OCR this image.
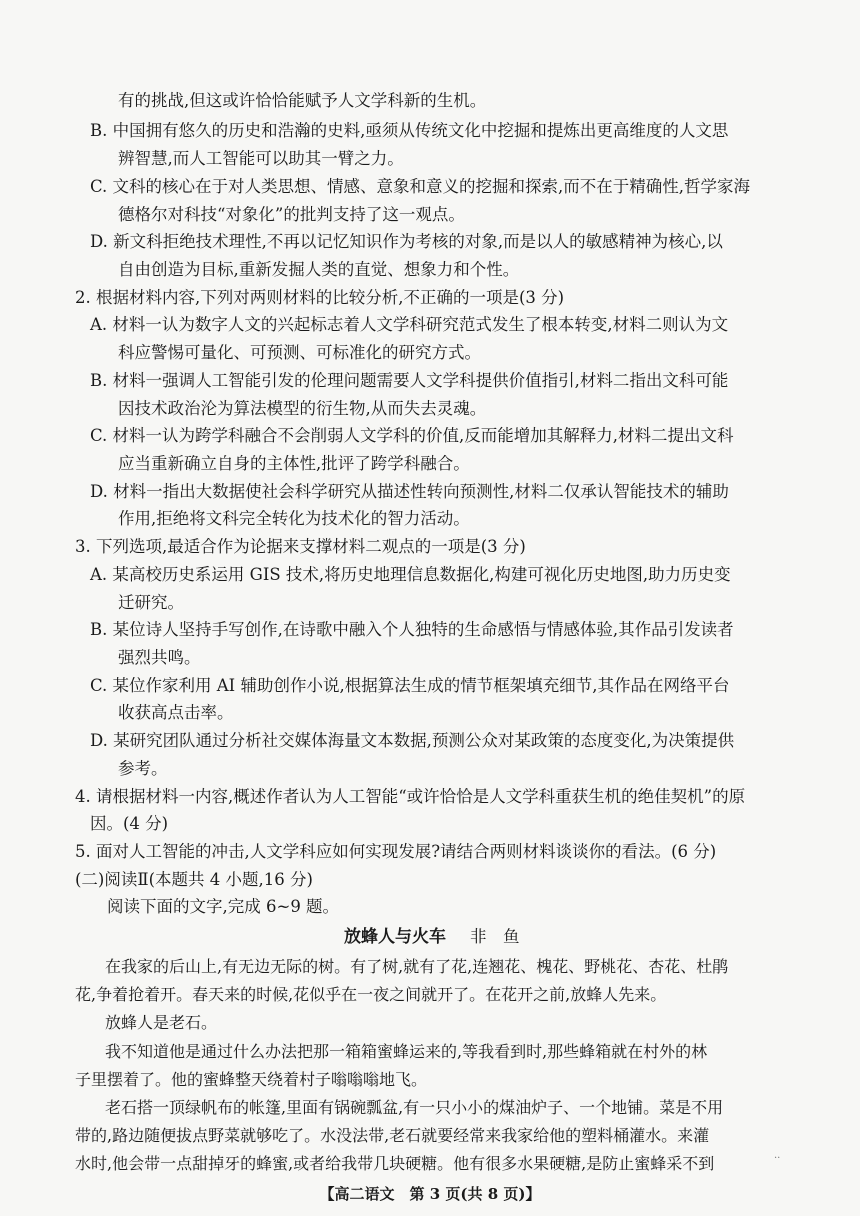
有的挑战,但这或许恰恰能赋予人文学科新的生机。
B. 中国拥有悠久的历史和浩瀚的史料,亟须从传统文化中挖掘和提炼出更高维度的人文思
辨智慧,而人工智能可以助其一臂之力。
C. 文科的核心在于对人类思想、情感、意象和意义的挖掘和探索,而不在于精确性,哲学家海
德格尔对科技“对象化”的批判支持了这一观点。
D. 新文科拒绝技术理性,不再以记忆知识作为考核的对象,而是以人的敏感精神为核心,以
自由创造为目标,重新发掘人类的直觉、想象力和个性。
2. 根据材料内容,下列对两则材料的比较分析,不正确的一项是(3 分)
A. 材料一认为数字人文的兴起标志着人文学科研究范式发生了根本转变,材料二则认为文
科应警惕可量化、可预测、可标准化的研究方式。
B. 材料一强调人工智能引发的伦理问题需要人文学科提供价值指引,材料二指出文科可能
因技术政治沦为算法模型的衍生物,从而失去灵魂。
C. 材料一认为跨学科融合不会削弱人文学科的价值,反而能增加其解释力,材料二提出文科
应当重新确立自身的主体性,批评了跨学科融合。
D. 材料一指出大数据使社会科学研究从描述性转向预测性,材料二仅承认智能技术的辅助
作用,拒绝将文科完全转化为技术化的智力活动。
3. 下列选项,最适合作为论据来支撑材料二观点的一项是(3 分)
A. 某高校历史系运用 GIS 技术,将历史地理信息数据化,构建可视化历史地图,助力历史变
迁研究。
B. 某位诗人坚持手写创作,在诗歌中融入个人独特的生命感悟与情感体验,其作品引发读者
强烈共鸣。
C. 某位作家利用 AI 辅助创作小说,根据算法生成的情节框架填充细节,其作品在网络平台
收获高点击率。
D. 某研究团队通过分析社交媒体海量文本数据,预测公众对某政策的态度变化,为决策提供
参考。
4. 请根据材料一内容,概述作者认为人工智能“或许恰恰是人文学科重获生机的绝佳契机”的原
因。(4 分)
5. 面对人工智能的冲击,人文学科应如何实现发展?请结合两则材料谈谈你的看法。(6 分)
(二)阅读Ⅱ(本题共 4 小题,16 分)
阅读下面的文字,完成 6~9 题。
放蜂人与火车 非　鱼
在我家的后山上,有无边无际的树。有了树,就有了花,连翘花、槐花、野桃花、杏花、杜鹃
花,争着抢着开。春天来的时候,花似乎在一夜之间就开了。在花开之前,放蜂人先来。
放蜂人是老石。
我不知道他是通过什么办法把那一箱箱蜜蜂运来的,等我看到时,那些蜂箱就在村外的林
子里摆着了。他的蜜蜂整天绕着村子嗡嗡嗡地飞。
老石搭一顶绿帆布的帐篷,里面有锅碗瓢盆,有一只小小的煤油炉子、一个地铺。菜是不用
带的,路边随便拔点野菜就够吃了。水没法带,老石就要经常来我家给他的塑料桶灌水。来灌
水时,他会带一点甜掉牙的蜂蜜,或者给我带几块硬糖。他有很多水果硬糖,是防止蜜蜂采不到	..
【高二语文　第 3 页(共 8 页)】
